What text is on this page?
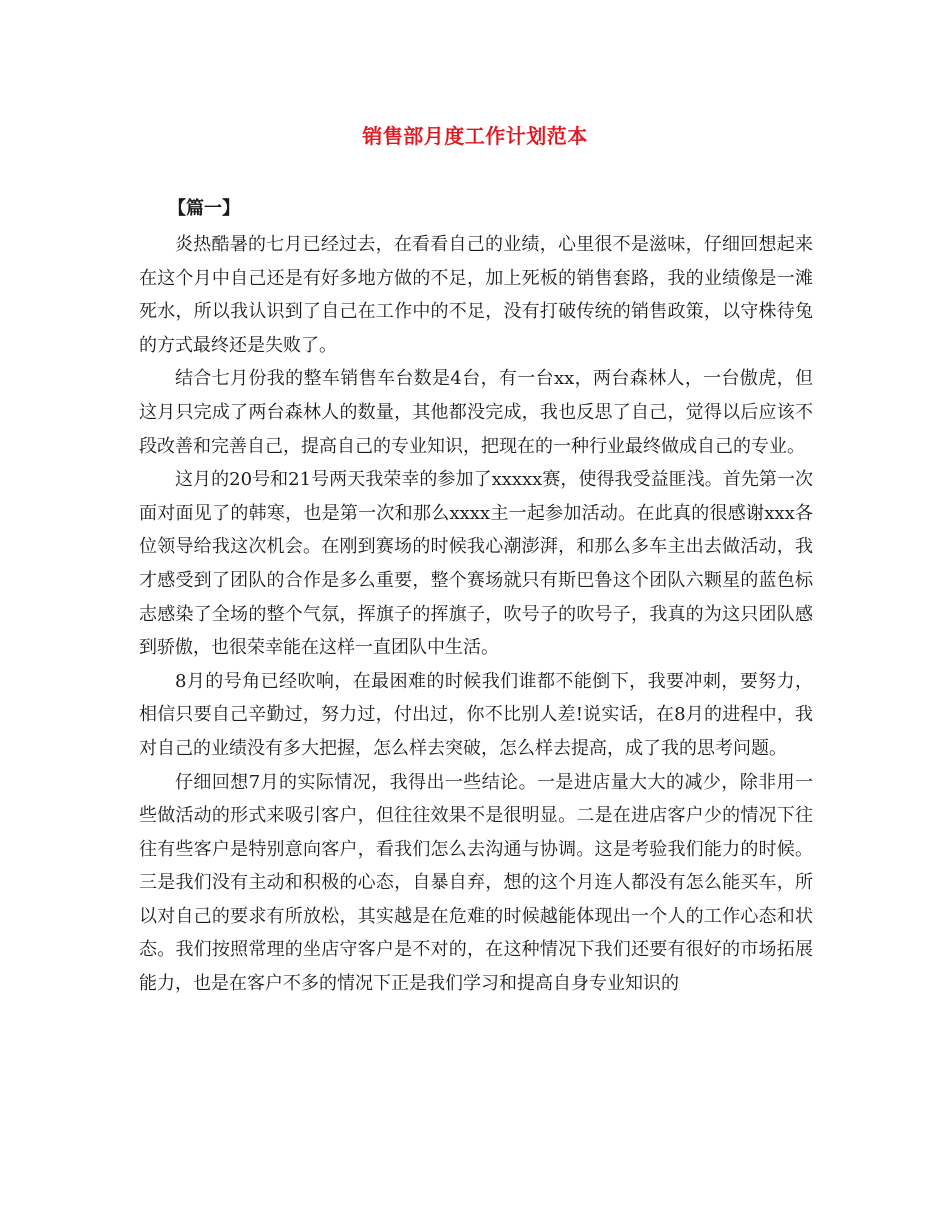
销售部月度工作计划范本
【篇一】

炎热酷暑的七月已经过去，在看看自己的业绩，心里很不是滋味，仔细回想起来在这个月中自己还是有好多地方做的不足，加上死板的销售套路，我的业绩像是一滩死水，所以我认识到了自己在工作中的不足，没有打破传统的销售政策，以守株待兔的方式最终还是失败了。

结合七月份我的整车销售车台数是4台，有一台xx，两台森林人，一台傲虎，但这月只完成了两台森林人的数量，其他都没完成，我也反思了自己，觉得以后应该不段改善和完善自己，提高自己的专业知识，把现在的一种行业最终做成自己的专业。

这月的20号和21号两天我荣幸的参加了xxxxx赛，使得我受益匪浅。首先第一次面对面见了的韩寒，也是第一次和那么xxxx主一起参加活动。在此真的很感谢xxx各位领导给我这次机会。在刚到赛场的时候我心潮澎湃，和那么多车主出去做活动，我才感受到了团队的合作是多么重要，整个赛场就只有斯巴鲁这个团队六颗星的蓝色标志感染了全场的整个气氛，挥旗子的挥旗子，吹号子的吹号子，我真的为这只团队感到骄傲，也很荣幸能在这样一直团队中生活。

8月的号角已经吹响，在最困难的时候我们谁都不能倒下，我要冲刺，要努力，相信只要自己辛勤过，努力过，付出过，你不比别人差!说实话，在8月的进程中，我对自己的业绩没有多大把握，怎么样去突破，怎么样去提高，成了我的思考问题。

仔细回想7月的实际情况，我得出一些结论。一是进店量大大的减少，除非用一些做活动的形式来吸引客户，但往往效果不是很明显。二是在进店客户少的情况下往往有些客户是特别意向客户，看我们怎么去沟通与协调。这是考验我们能力的时候。三是我们没有主动和积极的心态，自暴自弃，想的这个月连人都没有怎么能买车，所以对自己的要求有所放松，其实越是在危难的时候越能体现出一个人的工作心态和状态。我们按照常理的坐店守客户是不对的，在这种情况下我们还要有很好的市场拓展能力，也是在客户不多的情况下正是我们学习和提高自身专业知识的
